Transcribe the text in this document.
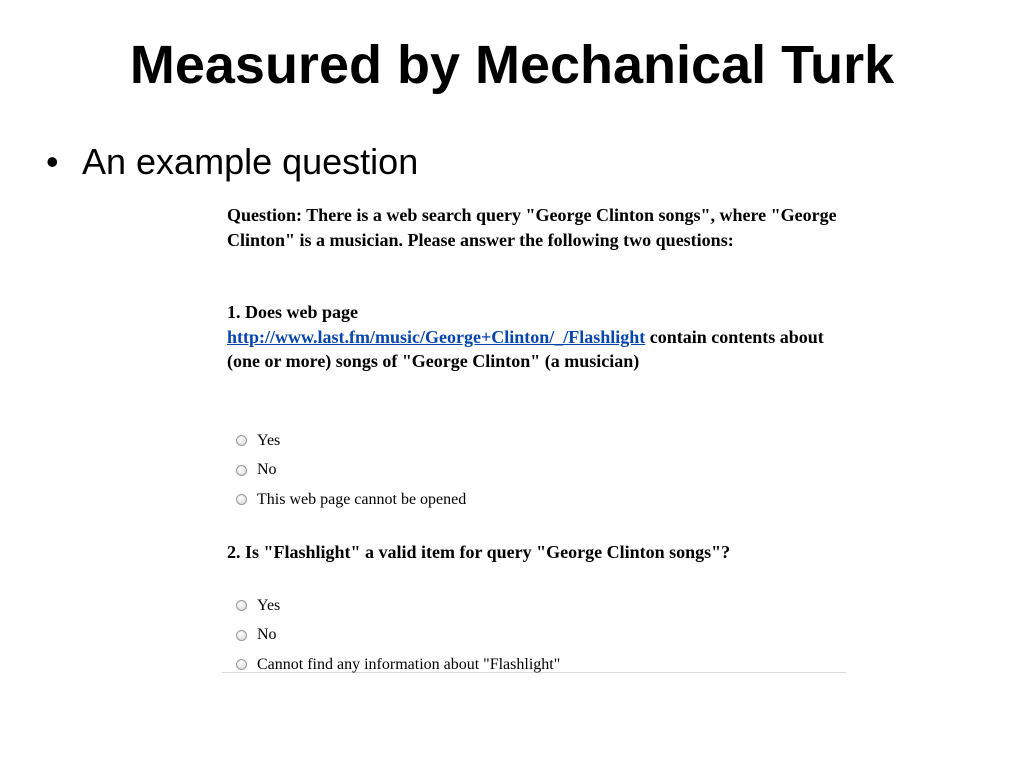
Measured by Mechanical Turk
• An example question

Question: There is a web search query "George Clinton songs", where "George Clinton" is a musician. Please answer the following two questions:

1. Does web page
http://www.last.fm/music/George+Clinton/_/Flashlight contain contents about (one or more) songs of "George Clinton" (a musician)

Yes
No
This web page cannot be opened

2. Is "Flashlight" a valid item for query "George Clinton songs"?

Yes
No
Cannot find any information about "Flashlight"
